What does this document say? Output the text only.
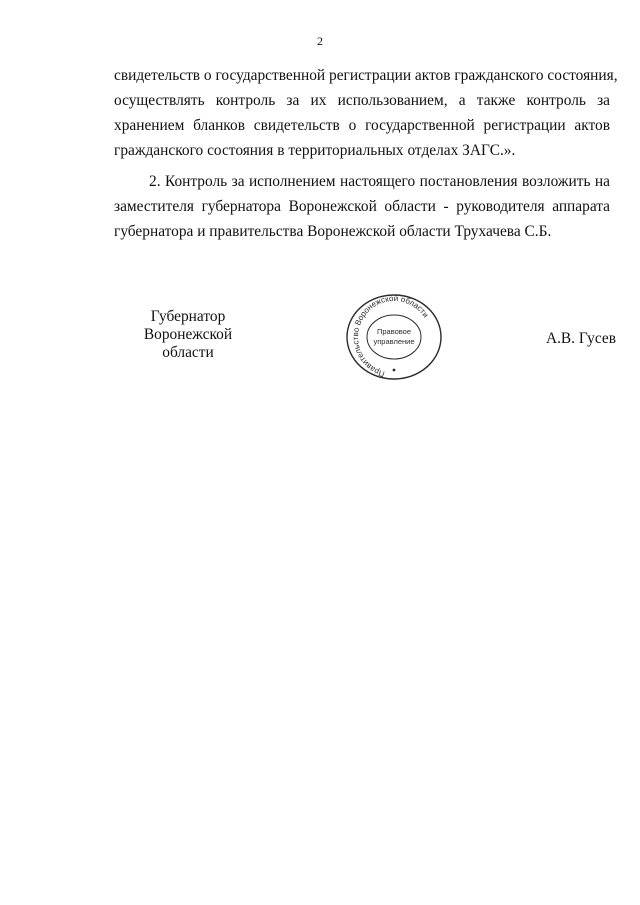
2
свидетельств о государственной регистрации актов гражданского состояния,
осуществлять контроль за их использованием, а также контроль за
хранением бланков свидетельств о государственной регистрации актов
гражданского состояния в территориальных отделах ЗАГС.».
2. Контроль за исполнением настоящего постановления возложить на
заместителя губернатора Воронежской области - руководителя аппарата
губернатора и правительства Воронежской области Трухачева С.Б.
Губернатор
Воронежской области
Правительство Воронежской области
Правовое
управление	А.В. Гусев
